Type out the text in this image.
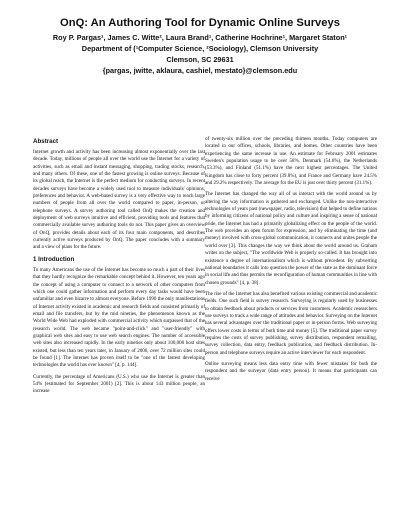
OnQ: An Authoring Tool for Dynamic Online Surveys

Roy P. Pargas¹, James C. Witte², Laura Brand¹, Catherine Hochrine¹, Margaret Staton¹

Department of (¹Computer Science, ²Sociology), Clemson University

Clemson, SC 29631

{pargas, jwitte, aklaura, cashiel, mestato}@clemson.edu

Abstract

Internet growth and activity has been increasing almost exponentially over the last decade. Today, millions of people all over the world use the Internet for a variety of activities, such as email and instant messaging, shopping, trading stocks, research, and many others. Of these, one of the fastest growing is online surveys. Because of its global reach, the Internet is the perfect medium for conducting surveys. In recent decades surveys have become a widely used tool to measure individuals' opinions, preferences and behavior. A web-based survey is a very effective way to reach large numbers of people from all over the world compared to paper, in-person, or telephone surveys. A survey authoring tool called OnQ makes the creation and deployment of web surveys intuitive and efficient, providing tools and features that commercially available survey authoring tools do not. This paper gives an overview of OnQ, provides details about each of its four main components, and describes currently active surveys produced by OnQ. The paper concludes with a summary and a view of plans for the future.

1 Introduction

To many Americans the use of the Internet has become so much a part of their lives that they hardly recognize the remarkable concept behind it. However, ten years ago the concept of using a computer to connect to a network of other computers from which one could gather information and perform every day tasks would have been unfamiliar and even bizarre to almost everyone. Before 1990 the only manifestations of Internet activity existed in academic and research fields and consisted primarily of email and file transfers, but by the mid nineties, the phenomenon known as the World Wide Web had exploded with commercial activity which surpassed that of the research world. The web became "point-and-click" and "user-friendly" with graphical web sites and easy to use web search engines. The number of accessible web sites also increased rapidly. In the early nineties only about 100,000 host sites existed, but less than ten years later, in January of 2000, over 72 million sites could be found [1]. The Internet has proven itself to be "one of the fastest developing technologies the world has ever known" [4, p. 144].

Currently, the percentage of Americans (U.S.) who use the Internet is greater than 54% (estimated for September 2001) [2]. This is about 143 million people, an increase

of twenty-six million over the preceding thirteen months. Today computers are located in our offices, schools, libraries, and homes. Other countries have been experiencing the same increase in use. An estimate for February 2001 estimates Sweden's population usage to be over 58%. Denmark (54.6%), the Netherlands (53.3%), and Finland (51.1%) have the next highest percentages. The United Kingdom has close to forty percent (39.8%), and France and Germany have 24.5% and 29.2% respectively. The average for the EU is just over thirty percent (31.1%).

The Internet has changed the way all of us interact with the world around us by altering the way information is gathered and exchanged. Unlike the non-interactive technologies of years past (newspaper, radio, television) that helped to define nations by informing citizens of national policy and culture and inspiring a sense of national pride, the Internet has had a primarily globalizing effect on the people of the world. The web provides an open forum for expression, and by eliminating the time (and money) involved with cross-global communication, it connects and unites people the world over [3]. This changes the way we think about the world around us. Graham writes on the subject, "The worldwide Web is properly so-called. It has brought into existence a degree of internationalism which is without precedent. By subverting national boundaries it calls into question the power of the state as the dominant force in social life and thus permits the reconfiguration of human communities in line with chosen grounds" [4, p. 38].

The rise of the Internet has also benefited various existing commercial and academic fields. One such field is survey research. Surveying is regularly used by businesses to obtain feedback about products or services from customers. Academic researchers use surveys to track a wide range of attitudes and behavior. Surveying on the Internet has several advantages over the traditional paper or in-person forms. Web surveying offers lower costs in terms of both time and money [5]. The traditional paper survey requires the costs of survey publishing, survey distribution, respondent remailing, survey collection, data entry, feedback publication, and feedback distribution. In-person and telephone surveys require an active interviewer for each respondent.

Online surveying means less data entry time with fewer mistakes for both the respondent and the surveyor (data entry person). It means that participants can receive
